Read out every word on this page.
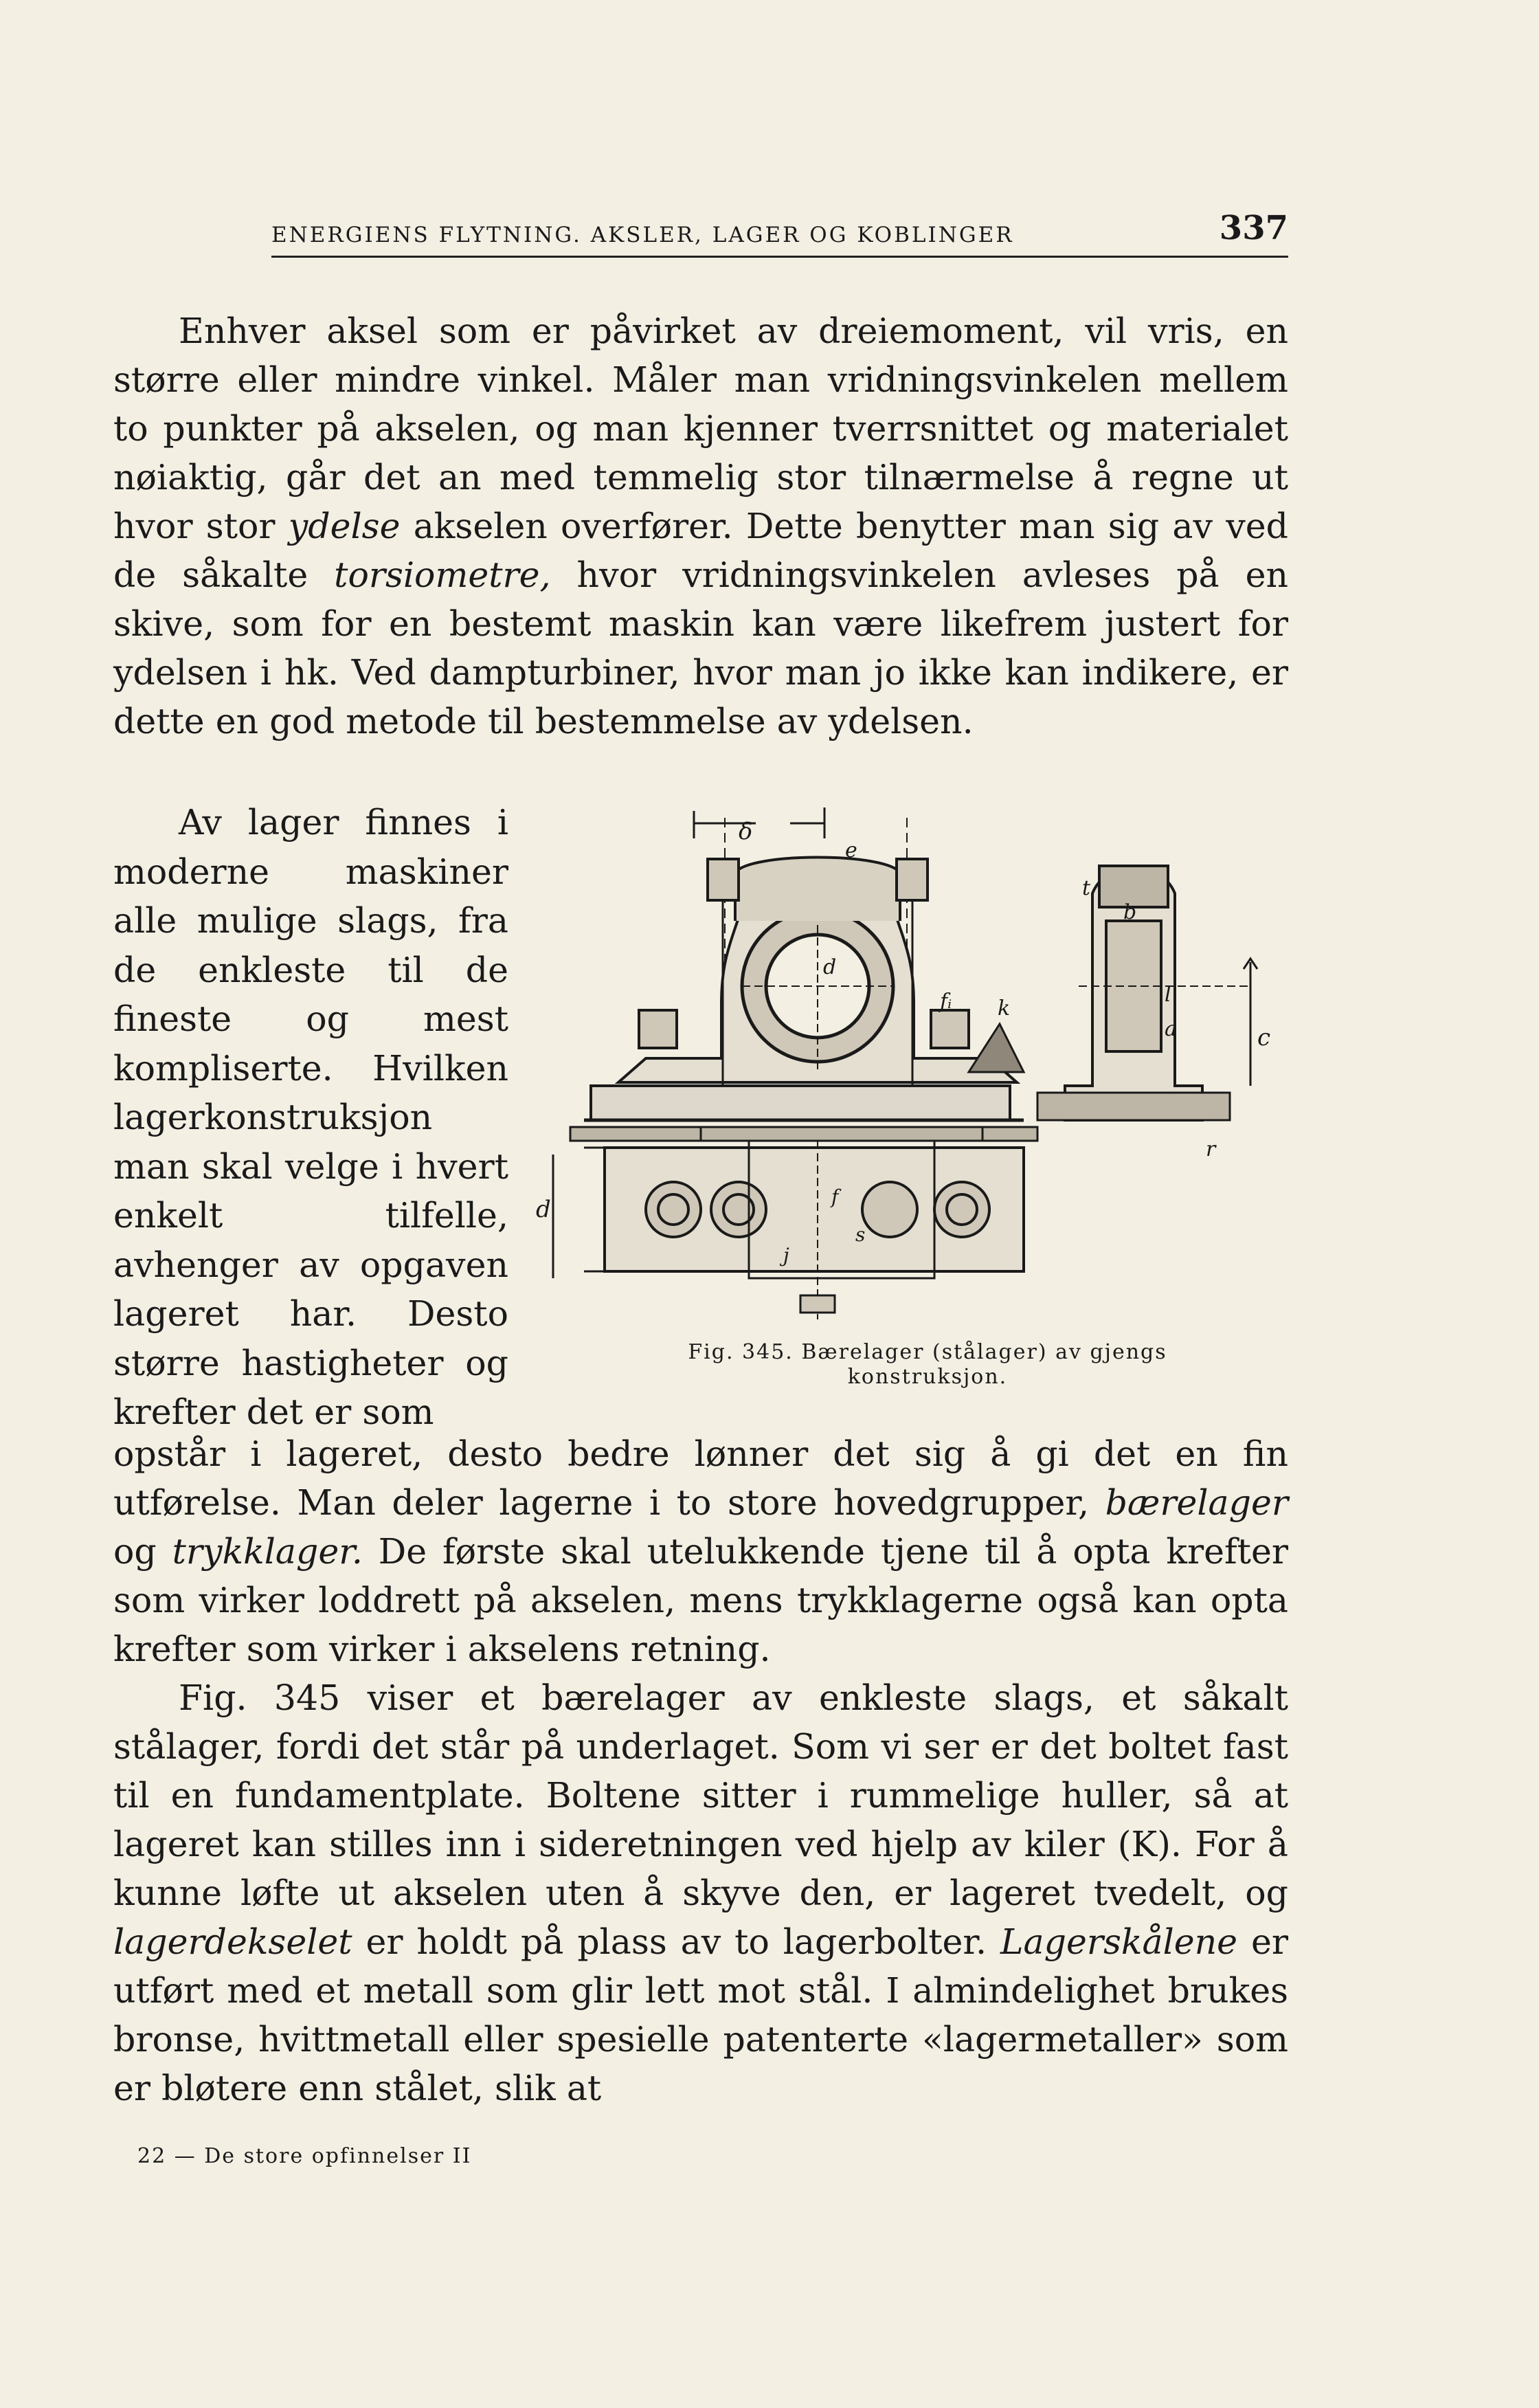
ENERGIENS FLYTNING. AKSLER, LAGER OG KOBLINGER	337

Enhver aksel som er påvirket av dreiemoment, vil vris, en større eller mindre vinkel. Måler man vridningsvinkelen mellem to punkter på akselen, og man kjenner tverrsnittet og materialet nøiaktig, går det an med temmelig stor tilnærmelse å regne ut hvor stor ydelse akselen overfører. Dette benytter man sig av ved de såkalte torsiometre, hvor vridningsvinkelen avleses på en skive, som for en bestemt maskin kan være likefrem justert for ydelsen i hk. Ved dampturbiner, hvor man jo ikke kan indikere, er dette en god metode til bestemmelse av ydelsen.

Av lager finnes i moderne maskiner alle mulige slags, fra de enkleste til de fineste og mest kompliserte. Hvilken lagerkonstruksjon man skal velge i hvert enkelt tilfelle, avhenger av opgaven lageret har. Desto større hastigheter og krefter det er som

δ
e
d
fᵢ k
t
b
l
c
a
r
d	f
s
j
Fig. 345. Bærelager (stålager) av gjengs
konstruksjon.

opstår i lageret, desto bedre lønner det sig å gi det en fin utførelse. Man deler lagerne i to store hovedgrupper, bærelager og trykklager. De første skal utelukkende tjene til å opta krefter som virker loddrett på akselen, mens trykklagerne også kan opta krefter som virker i akselens retning.

Fig. 345 viser et bærelager av enkleste slags, et såkalt stålager, fordi det står på underlaget. Som vi ser er det boltet fast til en fundamentplate. Boltene sitter i rummelige huller, så at lageret kan stilles inn i sideretningen ved hjelp av kiler (K). For å kunne løfte ut akselen uten å skyve den, er lageret tvedelt, og lagerdekselet er holdt på plass av to lagerbolter. Lagerskålene er utført med et metall som glir lett mot stål. I almindelighet brukes bronse, hvittmetall eller spesielle patenterte «lagermetaller» som er bløtere enn stålet, slik at

22 — De store opfinnelser II
